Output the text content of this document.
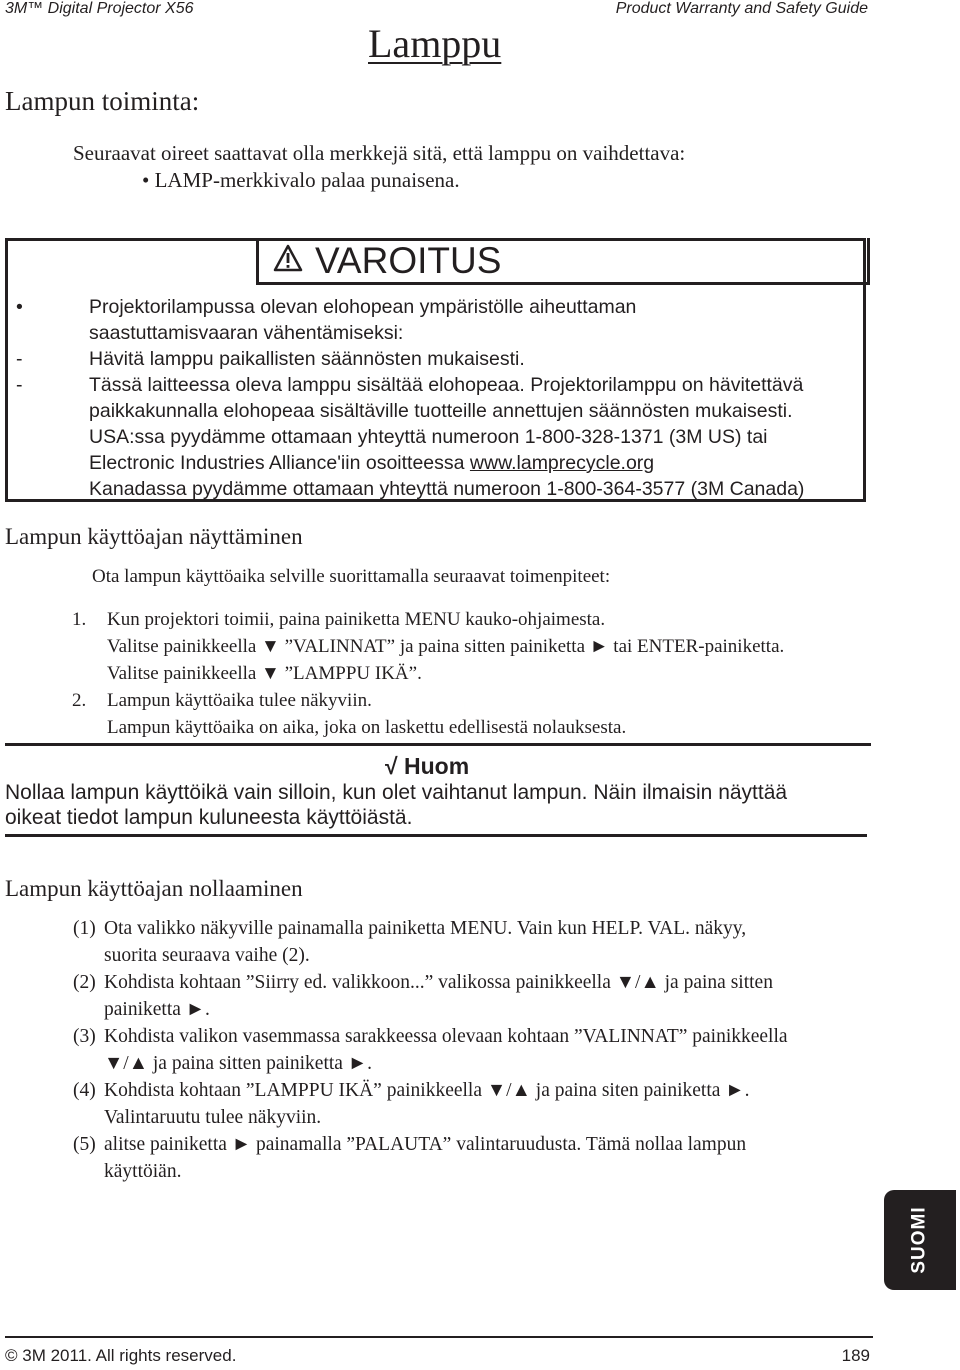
3M™ Digital Projector X56	Product Warranty and Safety Guide
Lamppu
Lampun toiminta:
Seuraavat oireet saattavat olla merkkejä sitä, että lamppu on vaihdettava:
• LAMP-merkkivalo palaa punaisena.
VAROITUS
•	Projektorilampussa olevan elohopean ympäristölle aiheuttaman
saastuttamisvaaran vähentämiseksi:
-	Hävitä lamppu paikallisten säännösten mukaisesti.
-	Tässä laitteessa oleva lamppu sisältää elohopeaa. Projektorilamppu on hävitettävä
paikkakunnalla elohopeaa sisältäville tuotteille annettujen säännösten mukaisesti.
USA:ssa pyydämme ottamaan yhteyttä numeroon 1-800-328-1371 (3M US) tai
Electronic Industries Alliance'iin osoitteessa www.lamprecycle.org
Kanadassa pyydämme ottamaan yhteyttä numeroon 1-800-364-3577 (3M Canada)
Lampun käyttöajan näyttäminen
Ota lampun käyttöaika selville suorittamalla seuraavat toimenpiteet:
1.	Kun projektori toimii, paina painiketta MENU kauko-ohjaimesta.
Valitse painikkeella ▼ ”VALINNAT” ja paina sitten painiketta ► tai ENTER-painiketta.
Valitse painikkeella ▼ ”LAMPPU IKÄ”.
2.	Lampun käyttöaika tulee näkyviin.
Lampun käyttöaika on aika, joka on laskettu edellisestä nolauksesta.
√ Huom
Nollaa lampun käyttöikä vain silloin, kun olet vaihtanut lampun. Näin ilmaisin näyttää
oikeat tiedot lampun kuluneesta käyttöiästä.
Lampun käyttöajan nollaaminen
(1) Ota valikko näkyville painamalla painiketta MENU. Vain kun HELP. VAL. näkyy,
suorita seuraava vaihe (2).
(2) Kohdista kohtaan ”Siirry ed. valikkoon...” valikossa painikkeella ▼/▲ ja paina sitten
painiketta ►.
(3) Kohdista valikon vasemmassa sarakkeessa olevaan kohtaan ”VALINNAT” painikkeella
▼/▲ ja paina sitten painiketta ►.
(4) Kohdista kohtaan ”LAMPPU IKÄ” painikkeella ▼/▲ ja paina siten painiketta ►.
Valintaruutu tulee näkyviin.
(5) alitse painiketta ► painamalla ”PALAUTA” valintaruudusta. Tämä nollaa lampun
käyttöiän.
SUOMI
© 3M 2011. All rights reserved.	189
